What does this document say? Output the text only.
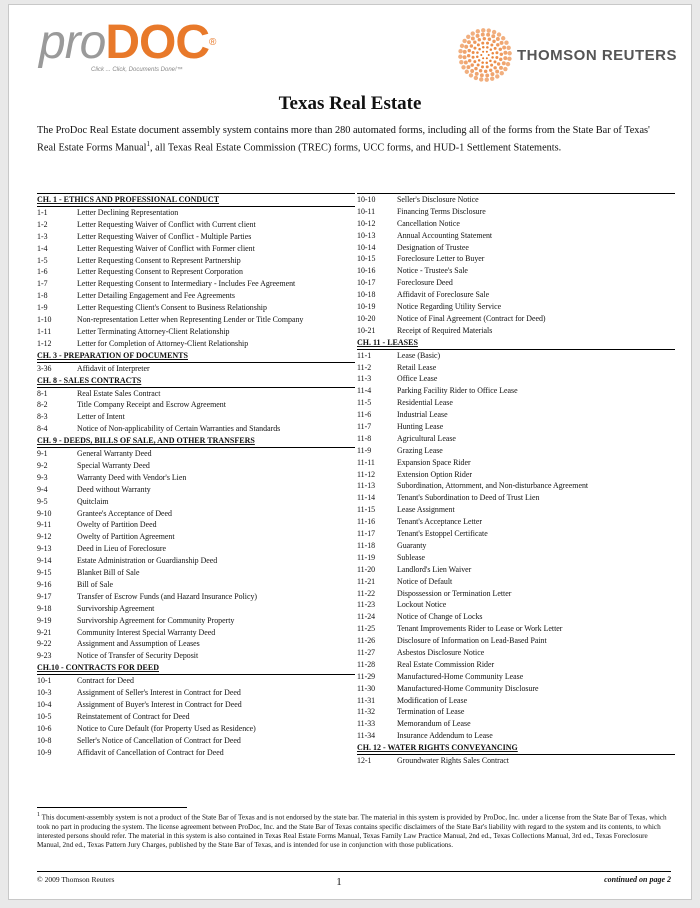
proDOC®
Click ... Click, Documents Done!™
THOMSON REUTERS
Texas Real Estate
The ProDoc Real Estate document assembly system contains more than 280 automated forms, including all of the forms from the State Bar of Texas' Real Estate Forms Manual$^1$, all Texas Real Estate Commission (TREC) forms, UCC forms, and HUD-1 Settlement Statements.
CH. 1 - ETHICS AND PROFESSIONAL CONDUCT
1-1	Letter Declining Representation
1-2	Letter Requesting Waiver of Conflict with Current client
1-3	Letter Requesting Waiver of Conflict - Multiple Parties
1-4	Letter Requesting Waiver of Conflict with Former client
1-5	Letter Requesting Consent to Represent Partnership
1-6	Letter Requesting Consent to Represent Corporation
1-7	Letter Requesting Consent to Intermediary - Includes Fee Agreement
1-8	Letter Detailing Engagement and Fee Agreements
1-9	Letter Requesting Client's Consent to Business Relationship
1-10	Non-representation Letter when Representing Lender or Title Company
1-11	Letter Terminating Attorney-Client Relationship
1-12	Letter for Completion of Attorney-Client Relationship
CH. 3 - PREPARATION OF DOCUMENTS
3-36	Affidavit of Interpreter
CH. 8 - SALES CONTRACTS
8-1	Real Estate Sales Contract
8-2	Title Company Receipt and Escrow Agreement
8-3	Letter of Intent
8-4	Notice of Non-applicability of Certain Warranties and Standards
CH. 9 - DEEDS, BILLS OF SALE, AND OTHER TRANSFERS
9-1	General Warranty Deed
9-2	Special Warranty Deed
9-3	Warranty Deed with Vendor's Lien
9-4	Deed without Warranty
9-5	Quitclaim
9-10	Grantee's Acceptance of Deed
9-11	Owelty of Partition Deed
9-12	Owelty of Partition Agreement
9-13	Deed in Lieu of Foreclosure
9-14	Estate Administration or Guardianship Deed
9-15	Blanket Bill of Sale
9-16	Bill of Sale
9-17	Transfer of Escrow Funds (and Hazard Insurance Policy)
9-18	Survivorship Agreement
9-19	Survivorship Agreement for Community Property
9-21	Community Interest Special Warranty Deed
9-22	Assignment and Assumption of Leases
9-23	Notice of Transfer of Security Deposit
CH.10 - CONTRACTS FOR DEED
10-1	Contract for Deed
10-3	Assignment of Seller's Interest in Contract for Deed
10-4	Assignment of Buyer's Interest in Contract for Deed
10-5	Reinstatement of Contract for Deed
10-6	Notice to Cure Default (for Property Used as Residence)
10-8	Seller's Notice of Cancellation of Contract for Deed
10-9	Affidavit of Cancellation of Contract for Deed
10-10	Seller's Disclosure Notice
10-11	Financing Terms Disclosure
10-12	Cancellation Notice
10-13	Annual Accounting Statement
10-14	Designation of Trustee
10-15	Foreclosure Letter to Buyer
10-16	Notice - Trustee's Sale
10-17	Foreclosure Deed
10-18	Affidavit of Foreclosure Sale
10-19	Notice Regarding Utility Service
10-20	Notice of Final Agreement (Contract for Deed)
10-21	Receipt of Required Materials
CH. 11 - LEASES
11-1	Lease (Basic)
11-2	Retail Lease
11-3	Office Lease
11-4	Parking Facility Rider to Office Lease
11-5	Residential Lease
11-6	Industrial Lease
11-7	Hunting Lease
11-8	Agricultural Lease
11-9	Grazing Lease
11-11	Expansion Space Rider
11-12	Extension Option Rider
11-13	Subordination, Attornment, and Non-disturbance Agreement
11-14	Tenant's Subordination to Deed of Trust Lien
11-15	Lease Assignment
11-16	Tenant's Acceptance Letter
11-17	Tenant's Estoppel Certificate
11-18	Guaranty
11-19	Sublease
11-20	Landlord's Lien Waiver
11-21	Notice of Default
11-22	Dispossession or Termination Letter
11-23	Lockout Notice
11-24	Notice of Change of Locks
11-25	Tenant Improvements Rider to Lease or Work Letter
11-26	Disclosure of Information on Lead-Based Paint
11-27	Asbestos Disclosure Notice
11-28	Real Estate Commission Rider
11-29	Manufactured-Home Community Lease
11-30	Manufactured-Home Community Disclosure
11-31	Modification of Lease
11-32	Termination of Lease
11-33	Memorandum of Lease
11-34	Insurance Addendum to Lease
CH. 12 - WATER RIGHTS CONVEYANCING
12-1	Groundwater Rights Sales Contract
$^1$ This document-assembly system is not a product of the State Bar of Texas and is not endorsed by the state bar. The material in this system is provided by ProDoc, Inc. under a license from the State Bar of Texas, which took no part in producing the system. The license agreement between ProDoc, Inc. and the State Bar of Texas contains specific disclaimers of the State Bar's liability with regard to the system and its contents, to which interested persons should refer. The material in this system is also contained in Texas Real Estate Forms Manual, Texas Family Law Practice Manual, 2nd ed., Texas Collections Manual, 3rd ed., Texas Foreclosure Manual, 2nd ed., Texas Pattern Jury Charges, published by the State Bar of Texas, and is intended for use in conjunction with those publications.
© 2009 Thomson Reuters	1	continued on page 2
